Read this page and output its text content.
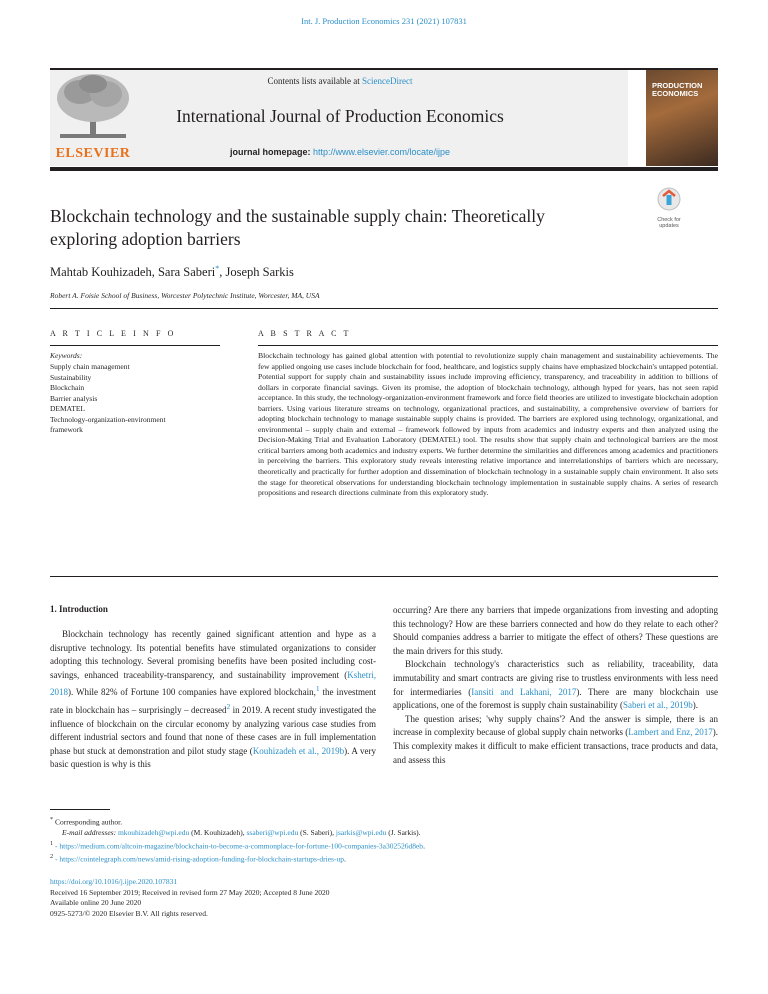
Int. J. Production Economics 231 (2021) 107831
ELSEVIER
Contents lists available at ScienceDirect
International Journal of Production Economics
journal homepage: http://www.elsevier.com/locate/ijpe
PRODUCTION ECONOMICS
Blockchain technology and the sustainable supply chain: Theoretically exploring adoption barriers
Check for updates
Mahtab Kouhizadeh, Sara Saberi*, Joseph Sarkis
Robert A. Foisie School of Business, Worcester Polytechnic Institute, Worcester, MA, USA
A R T I C L E I N F O	A B S T R A C T
Keywords:
Supply chain management
Sustainability
Blockchain
Barrier analysis
DEMATEL
Technology-organization-environment
framework

Blockchain technology has gained global attention with potential to revolutionize supply chain management and sustainability achievements. The few applied ongoing use cases include blockchain for food, healthcare, and logistics supply chains have emphasized blockchain's untapped potential. Potential support for supply chain and sustainability issues include improving efficiency, transparency, and traceability in addition to billions of dollars in corporate financial savings. Given its promise, the adoption of blockchain technology, although hyped for years, has not seen rapid acceptance. In this study, the technology-organization-environment framework and force field theories are utilized to investigate blockchain adoption barriers. Using various literature streams on technology, organizational practices, and sustainability, a comprehensive overview of barriers for adopting blockchain technology to manage sustainable supply chains is provided. The barriers are explored using technology, organizational, and environmental – supply chain and external – framework followed by inputs from academics and industry experts and then analyzed using the Decision-Making Trial and Evaluation Laboratory (DEMATEL) tool. The results show that supply chain and technological barriers are the most critical barriers among both academics and industry experts. We further determine the similarities and differences among academics and practitioners in perceiving the barriers. This exploratory study reveals interesting relative importance and interrelationships of barriers which are necessary, theoretically and practically for further adoption and dissemination of blockchain technology in a sustainable supply chain environment. It also sets the stage for theoretical observations for understanding blockchain technology implementation in sustainable supply chains. A series of research propositions and research directions culminate from this exploratory study.

1. Introduction

Blockchain technology has recently gained significant attention and hype as a disruptive technology. Its potential benefits have stimulated organizations to consider adopting this technology. Several promising benefits have been posited including cost-savings, enhanced traceability-transparency, and sustainability improvement (Kshetri, 2018). While 82% of Fortune 100 companies have explored blockchain,$^1$ the investment rate in blockchain has – surprisingly – decreased$^2$ in 2019. A recent study investigated the influence of blockchain on the circular economy by analyzing various case studies from different industrial sectors and found that none of these cases are in full implementation phase but stuck at demonstration and pilot study stage (Kouhizadeh et al., 2019b). A very basic question is why is this

occurring? Are there any barriers that impede organizations from investing and adopting this technology? How are these barriers connected and how do they relate to each other? Should companies address a barrier to mitigate the effect of others? These questions are the main drivers for this study.

Blockchain technology's characteristics such as reliability, traceability, data immutability and smart contracts are giving rise to trustless environments with less need for intermediaries (Iansiti and Lakhani, 2017). There are many blockchain use applications, one of the foremost is supply chain sustainability (Saberi et al., 2019b).

The question arises; 'why supply chains'? And the answer is simple, there is an increase in complexity because of global supply chain networks (Lambert and Enz, 2017). This complexity makes it difficult to make efficient transactions, trace products and data, and assess this

* Corresponding author.
E-mail addresses: mkouhizadeh@wpi.edu (M. Kouhizadeh), ssaberi@wpi.edu (S. Saberi), jsarkis@wpi.edu (J. Sarkis).
$^1$ - https://medium.com/altcoin-magazine/blockchain-to-become-a-commonplace-for-fortune-100-companies-3a302526d8eb.
$^2$ - https://cointelegraph.com/news/amid-rising-adoption-funding-for-blockchain-startups-dries-up.
https://doi.org/10.1016/j.ijpe.2020.107831
Received 16 September 2019; Received in revised form 27 May 2020; Accepted 8 June 2020
Available online 20 June 2020
0925-5273/© 2020 Elsevier B.V. All rights reserved.
